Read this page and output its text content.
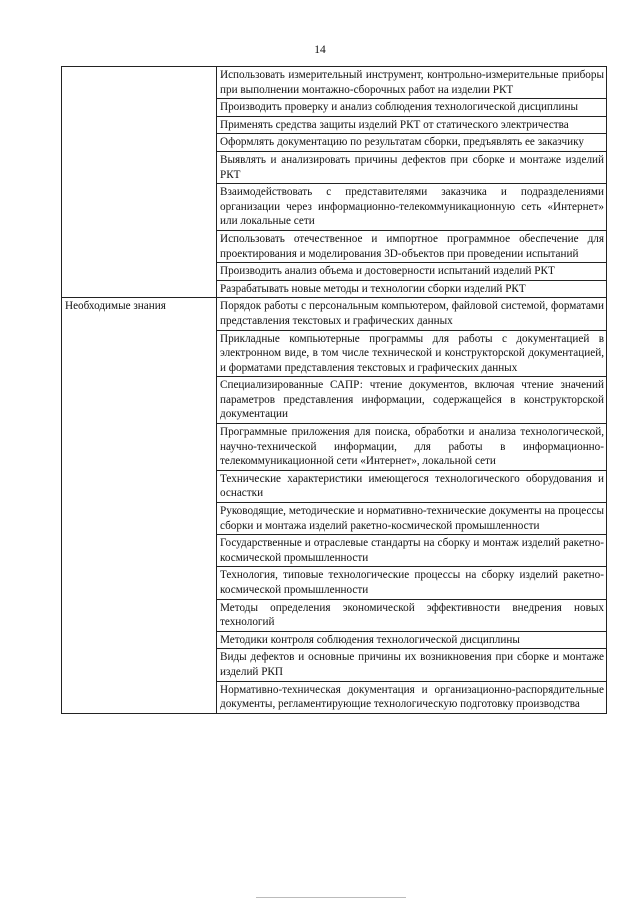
14
	Использовать измерительный инструмент, контрольно-измерительные приборы при выполнении монтажно-сборочных работ на изделии РКТ
	Производить проверку и анализ соблюдения технологической дисциплины
	Применять средства защиты изделий РКТ от статического электричества
	Оформлять документацию по результатам сборки, предъявлять ее заказчику
	Выявлять и анализировать причины дефектов при сборке и монтаже изделий РКТ
	Взаимодействовать с представителями заказчика и подразделениями организации через информационно-телекоммуникационную сеть «Интернет» или локальные сети
	Использовать отечественное и импортное программное обеспечение для проектирования и моделирования 3D-объектов при проведении испытаний
	Производить анализ объема и достоверности испытаний изделий РКТ
	Разрабатывать новые методы и технологии сборки изделий РКТ
Необходимые знания	Порядок работы с персональным компьютером, файловой системой, форматами представления текстовых и графических данных
	Прикладные компьютерные программы для работы с документацией в электронном виде, в том числе технической и конструкторской документацией, и форматами представления текстовых и графических данных
	Специализированные САПР: чтение документов, включая чтение значений параметров представления информации, содержащейся в конструкторской документации
	Программные приложения для поиска, обработки и анализа технологической, научно-технической информации, для работы в информационно-телекоммуникационной сети «Интернет», локальной сети
	Технические характеристики имеющегося технологического оборудования и оснастки
	Руководящие, методические и нормативно-технические документы на процессы сборки и монтажа изделий ракетно-космической промышленности
	Государственные и отраслевые стандарты на сборку и монтаж изделий ракетно-космической промышленности
	Технология, типовые технологические процессы на сборку изделий ракетно-космической промышленности
	Методы определения экономической эффективности внедрения новых технологий
	Методики контроля соблюдения технологической дисциплины
	Виды дефектов и основные причины их возникновения при сборке и монтаже изделий РКП
	Нормативно-техническая документация и организационно-распорядительные документы, регламентирующие технологическую подготовку производства
